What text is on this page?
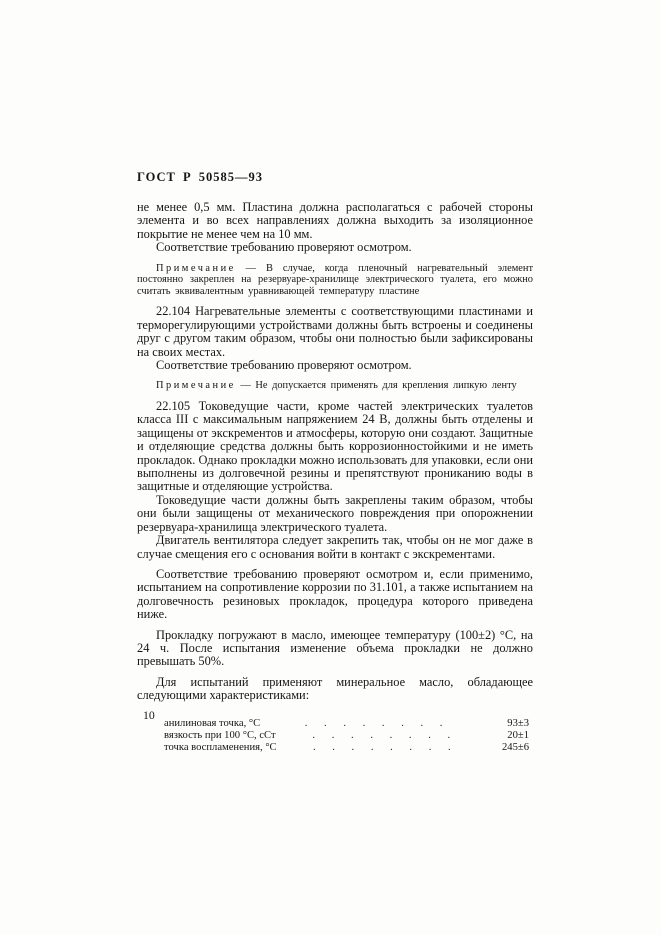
ГОСТ Р 50585—93

не менее 0,5 мм. Пластина должна располагаться с рабочей стороны элемента и во всех направлениях должна выходить за изоляционное покрытие не менее чем на 10 мм.

Соответствие требованию проверяют осмотром.

Примечание — В случае, когда пленочный нагревательный элемент постоянно закреплен на резервуаре-хранилище электрического туалета, его можно считать эквивалентным уравнивающей температуру пластине

22.104 Нагревательные элементы с соответствующими пластинами и терморегулирующими устройствами должны быть встроены и соединены друг с другом таким образом, чтобы они полностью были зафиксированы на своих местах.

Соответствие требованию проверяют осмотром.

Примечание — Не допускается применять для крепления липкую ленту

22.105 Токоведущие части, кроме частей электрических туалетов класса III с максимальным напряжением 24 В, должны быть отделены и защищены от экскрементов и атмосферы, которую они создают. Защитные и отделяющие средства должны быть коррозионностойкими и не иметь прокладок. Однако прокладки можно использовать для упаковки, если они выполнены из долговечной резины и препятствуют прониканию воды в защитные и отделяющие устройства.

Токоведущие части должны быть закреплены таким образом, чтобы они были защищены от механического повреждения при опорожнении резервуара-хранилища электрического туалета.

Двигатель вентилятора следует закрепить так, чтобы он не мог даже в случае смещения его с основания войти в контакт с экскрементами.

Соответствие требованию проверяют осмотром и, если применимо, испытанием на сопротивление коррозии по 31.101, а также испытанием на долговечность резиновых прокладок, процедура которого приведена ниже.

Прокладку погружают в масло, имеющее температуру (100±2) °С, на 24 ч. После испытания изменение объема прокладки не должно превышать 50%.

Для испытаний применяют минеральное масло, обладающее следующими характеристиками:

анилиновая точка, °С	. . . . . . . .	93±3
вязкость при 100 °С, сСт	. . . . . . . .	20±1
точка воспламенения, °С	. . . . . . . .	245±6
10
